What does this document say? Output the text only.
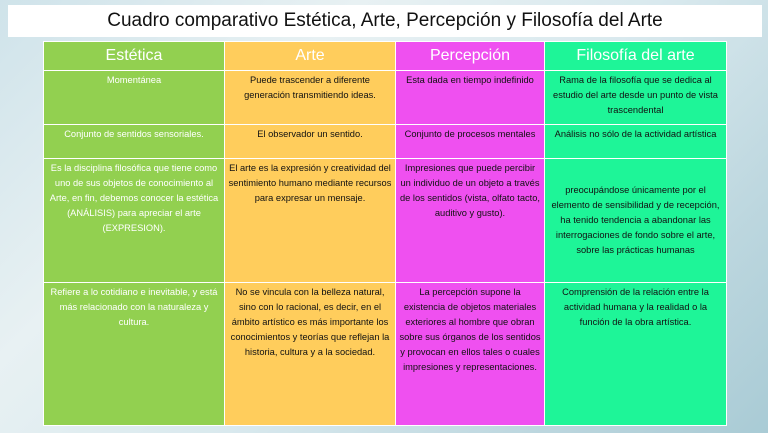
Cuadro comparativo Estética, Arte, Percepción y Filosofía del Arte
Estética	Arte	Percepción	Filosofía del arte
Momentánea	Puede trascender a diferente generación transmitiendo ideas.	Esta dada en tiempo indefinido	Rama de la filosofía que se dedica al estudio del arte desde un punto de vista trascendental
Conjunto de sentidos sensoriales.	El observador un sentido.	Conjunto de procesos mentales	Análisis no sólo de la actividad artística
Es la disciplina filosófica que tiene como uno de sus objetos de conocimiento al Arte, en fin, debemos conocer la estética (ANÁLISIS) para apreciar el arte (EXPRESION).	El arte es la expresión y creatividad del sentimiento humano mediante recursos para expresar un mensaje.	Impresiones que puede percibir un individuo de un objeto a través de los sentidos (vista, olfato tacto, auditivo y gusto).	preocupándose únicamente por el elemento de sensibilidad y de recepción, ha tenido tendencia a abandonar las interrogaciones de fondo sobre el arte, sobre las prácticas humanas
Refiere a lo cotidiano e inevitable, y está más relacionado con la naturaleza y cultura.	No se vincula con la belleza natural, sino con lo racional, es decir, en el ámbito artístico es más importante los conocimientos y teorías que reflejan la historia, cultura y a la sociedad.	La percepción supone la existencia de objetos materiales exteriores al hombre que obran sobre sus órganos de los sentidos y provocan en ellos tales o cuales impresiones y representaciones.	Comprensión de la relación entre la actividad humana y la realidad o la función de la obra artística.
